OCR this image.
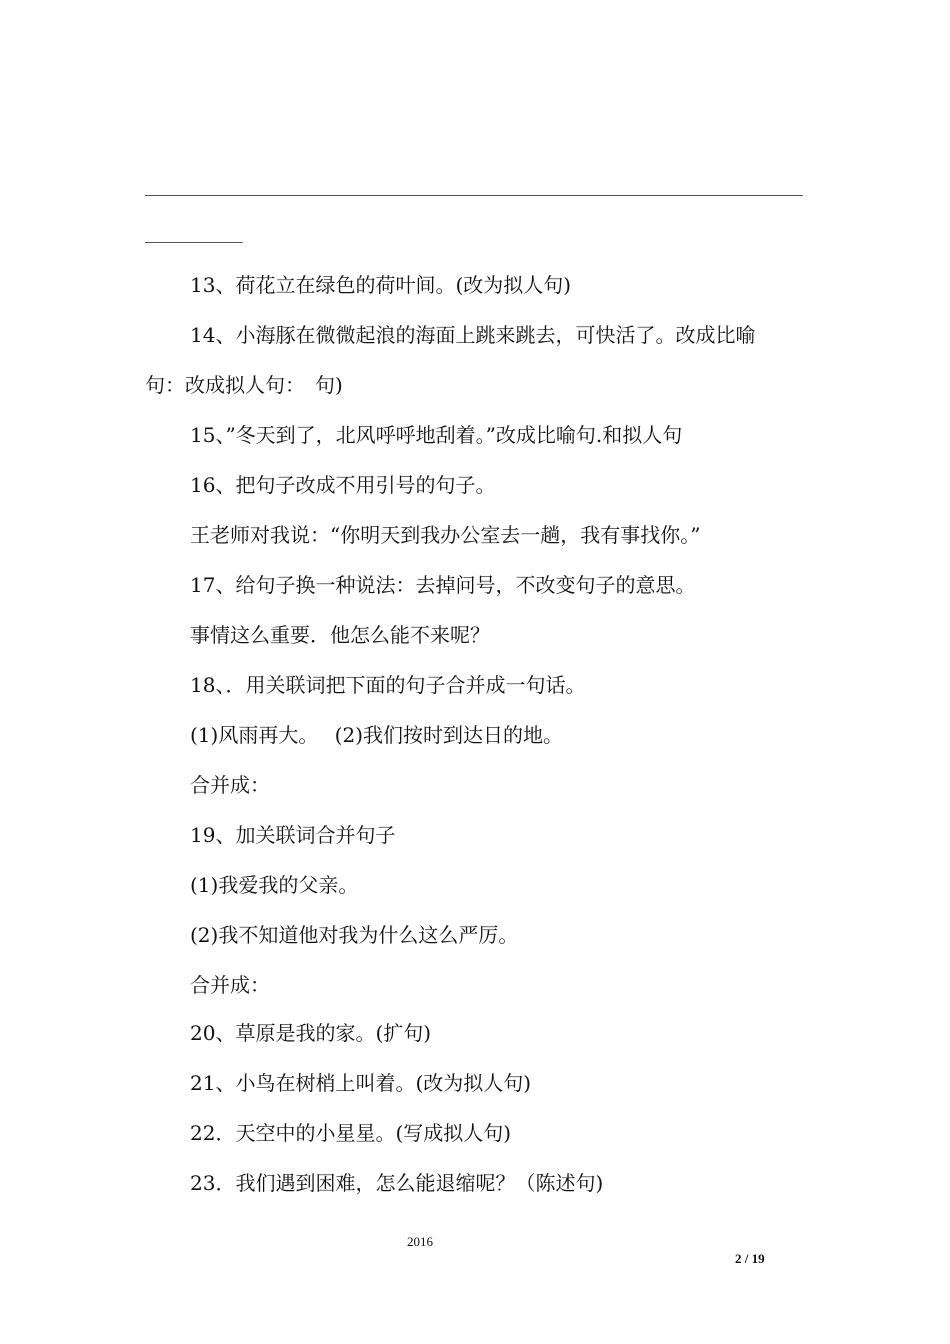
13、荷花立在绿色的荷叶间。(改为拟人句)
14、小海豚在微微起浪的海面上跳来跳去，可快活了。改成比喻
句：改成拟人句：　句)
15、”冬天到了，北风呼呼地刮着。”改成比喻句.和拟人句
16、把句子改成不用引号的句子。
王老师对我说：“你明天到我办公室去一趟，我有事找你。”
17、给句子换一种说法：去掉问号，不改变句子的意思。
事情这么重要．他怎么能不来呢？
18、．用关联词把下面的句子合并成一句话。
(1)风雨再大。　 (2)我们按时到达日的地。
合并成：
19、加关联词合并句子
(1)我爱我的父亲。
(2)我不知道他对我为什么这么严厉。
合并成：
20、草原是我的家。(扩句)
21、小鸟在树梢上叫着。(改为拟人句)
22．天空中的小星星。(写成拟人句)
23．我们遇到困难，怎么能退缩呢？（陈述句)
2016
2 / 19
